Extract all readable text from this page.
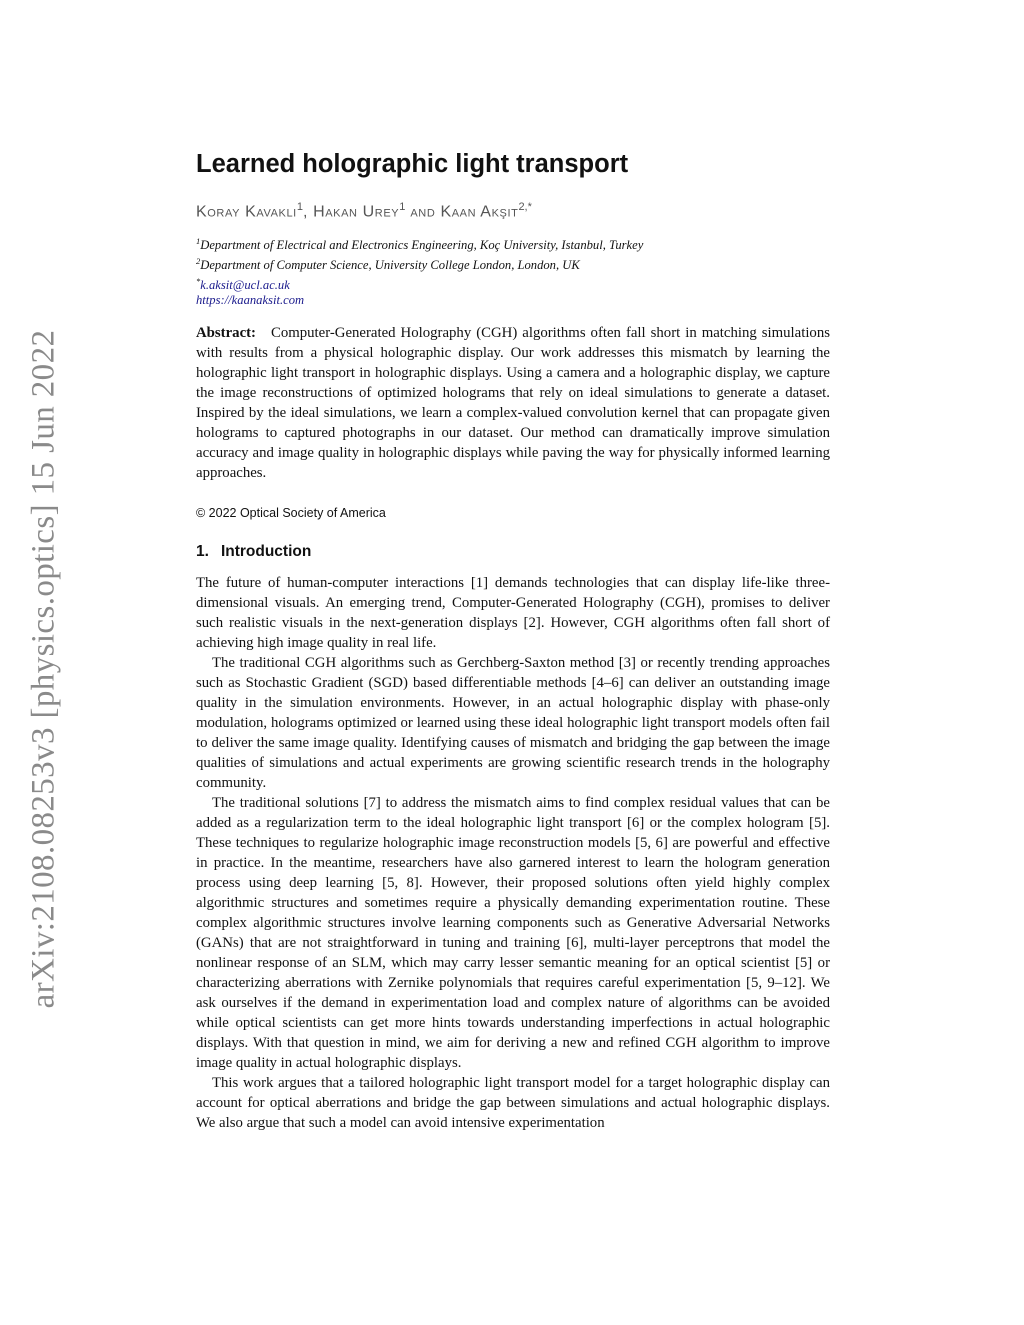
arXiv:2108.08253v3 [physics.optics] 15 Jun 2022
Learned holographic light transport
Koray Kavakli$^1$, Hakan Urey$^1$ and Kaan Akşit$^{2,*}$
$^1$Department of Electrical and Electronics Engineering, Koç University, Istanbul, Turkey
$^2$Department of Computer Science, University College London, London, UK
*k.aksit@ucl.ac.uk
https://kaanaksit.com
Abstract: Computer-Generated Holography (CGH) algorithms often fall short in matching simulations with results from a physical holographic display. Our work addresses this mismatch by learning the holographic light transport in holographic displays. Using a camera and a holographic display, we capture the image reconstructions of optimized holograms that rely on ideal simulations to generate a dataset. Inspired by the ideal simulations, we learn a complex-valued convolution kernel that can propagate given holograms to captured photographs in our dataset. Our method can dramatically improve simulation accuracy and image quality in holographic displays while paving the way for physically informed learning approaches.
© 2022 Optical Society of America
1. Introduction

The future of human-computer interactions [1] demands technologies that can display life-like three-dimensional visuals. An emerging trend, Computer-Generated Holography (CGH), promises to deliver such realistic visuals in the next-generation displays [2]. However, CGH algorithms often fall short of achieving high image quality in real life.

The traditional CGH algorithms such as Gerchberg-Saxton method [3] or recently trending approaches such as Stochastic Gradient (SGD) based differentiable methods [4–6] can deliver an outstanding image quality in the simulation environments. However, in an actual holographic display with phase-only modulation, holograms optimized or learned using these ideal holographic light transport models often fail to deliver the same image quality. Identifying causes of mismatch and bridging the gap between the image qualities of simulations and actual experiments are growing scientific research trends in the holography community.

The traditional solutions [7] to address the mismatch aims to find complex residual values that can be added as a regularization term to the ideal holographic light transport [6] or the complex hologram [5]. These techniques to regularize holographic image reconstruction models [5, 6] are powerful and effective in practice. In the meantime, researchers have also garnered interest to learn the hologram generation process using deep learning [5, 8]. However, their proposed solutions often yield highly complex algorithmic structures and sometimes require a physically demanding experimentation routine. These complex algorithmic structures involve learning components such as Generative Adversarial Networks (GANs) that are not straightforward in tuning and training [6], multi-layer perceptrons that model the nonlinear response of an SLM, which may carry lesser semantic meaning for an optical scientist [5] or characterizing aberrations with Zernike polynomials that requires careful experimentation [5, 9–12]. We ask ourselves if the demand in experimentation load and complex nature of algorithms can be avoided while optical scientists can get more hints towards understanding imperfections in actual holographic displays. With that question in mind, we aim for deriving a new and refined CGH algorithm to improve image quality in actual holographic displays.

This work argues that a tailored holographic light transport model for a target holographic display can account for optical aberrations and bridge the gap between simulations and actual holographic displays. We also argue that such a model can avoid intensive experimentation
